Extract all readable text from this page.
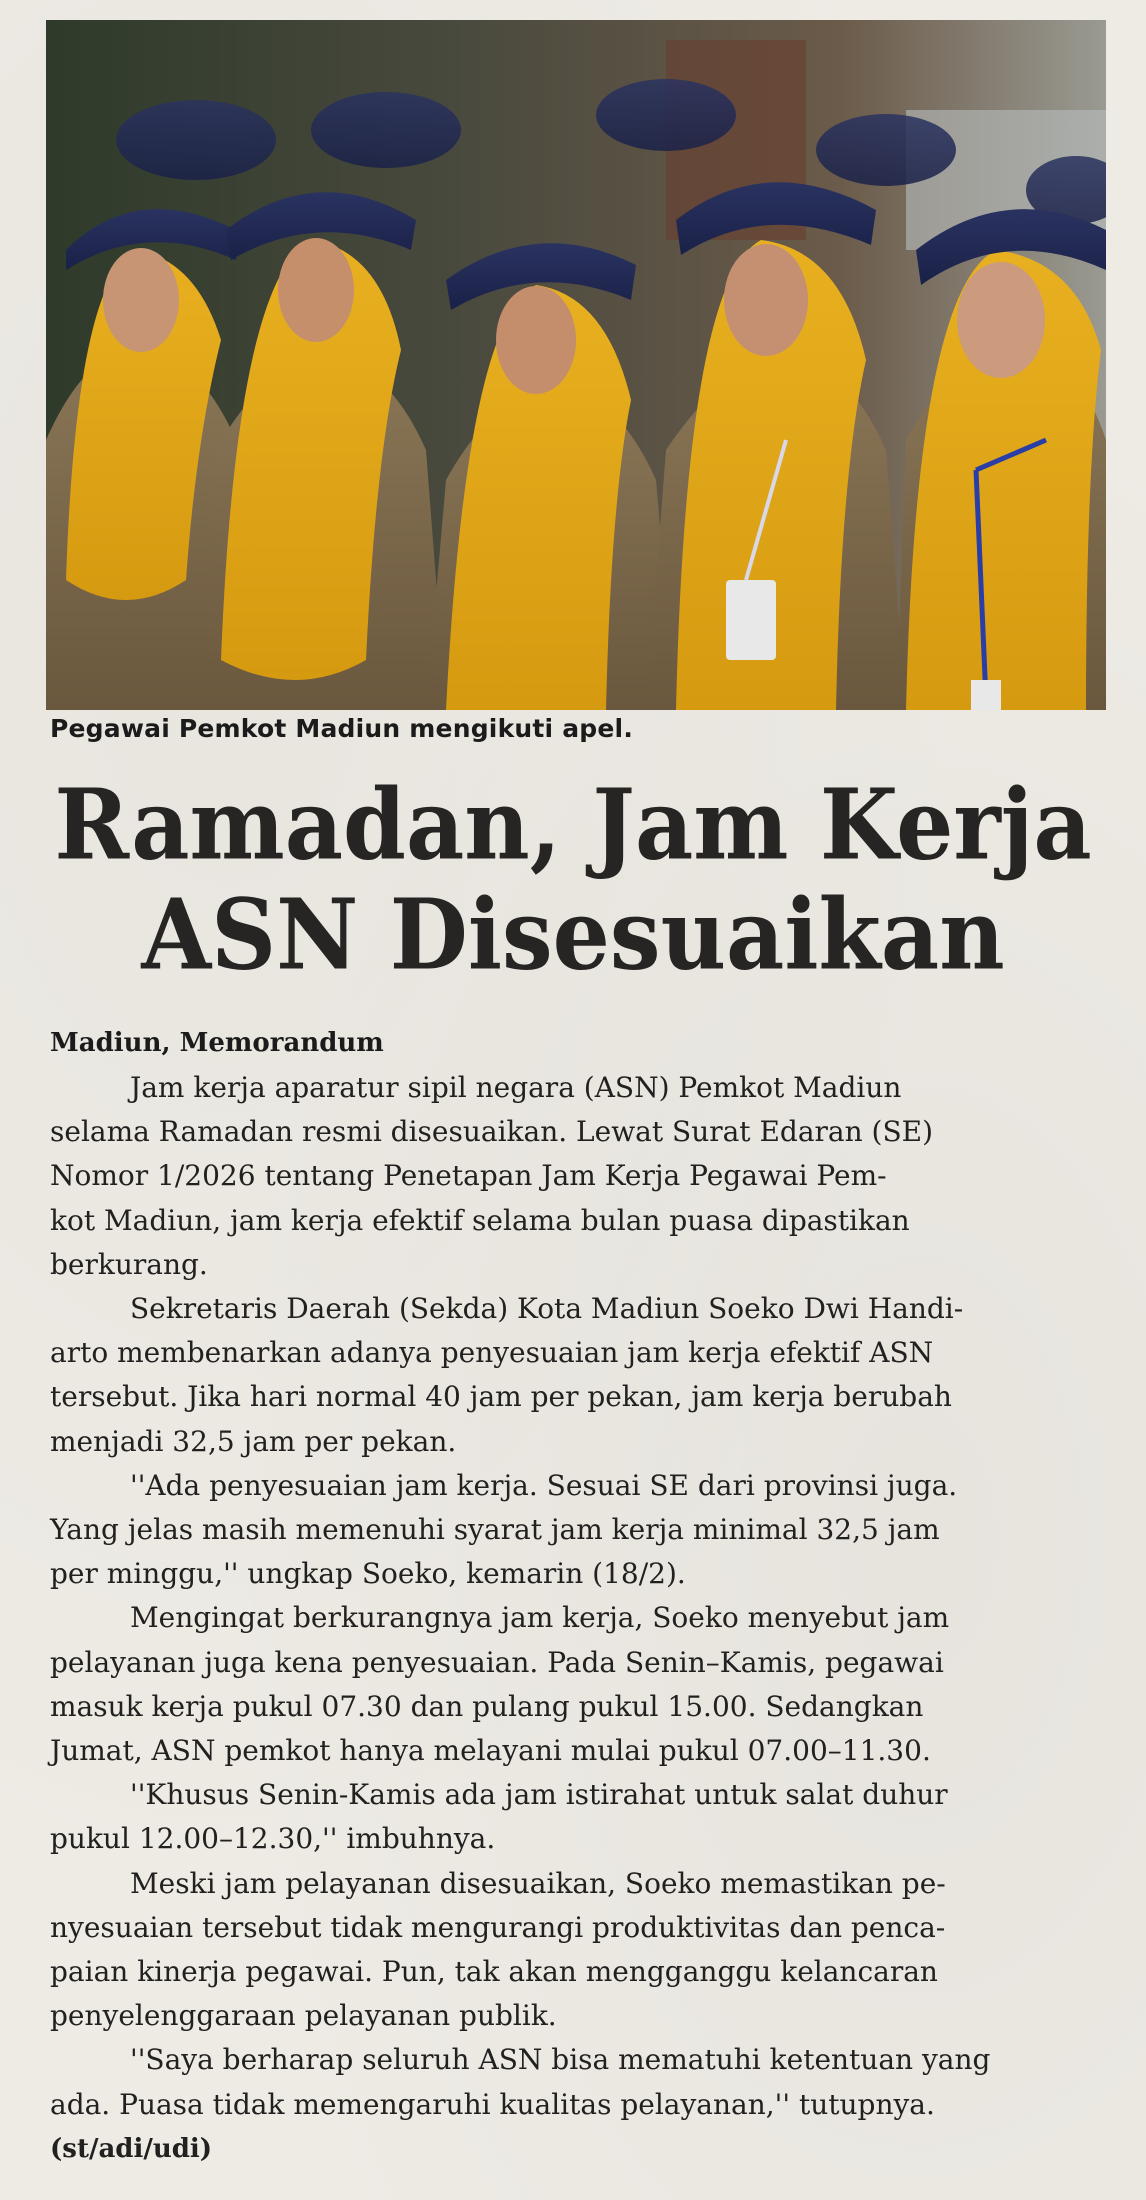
Pegawai Pemkot Madiun mengikuti apel.
Ramadan, Jam Kerja
ASN Disesuaikan
Madiun, Memorandum

Jam kerja aparatur sipil negara (ASN) Pemkot Madiun
selama Ramadan resmi disesuaikan. Lewat Surat Edaran (SE)
Nomor 1/2026 tentang Penetapan Jam Kerja Pegawai Pem-
kot Madiun, jam kerja efektif selama bulan puasa dipastikan
berkurang.

Sekretaris Daerah (Sekda) Kota Madiun Soeko Dwi Handi-
arto membenarkan adanya penyesuaian jam kerja efektif ASN
tersebut. Jika hari normal 40 jam per pekan, jam kerja berubah
menjadi 32,5 jam per pekan.

''Ada penyesuaian jam kerja. Sesuai SE dari provinsi juga.
Yang jelas masih memenuhi syarat jam kerja minimal 32,5 jam
per minggu,'' ungkap Soeko, kemarin (18/2).

Mengingat berkurangnya jam kerja, Soeko menyebut jam
pelayanan juga kena penyesuaian. Pada Senin–Kamis, pegawai
masuk kerja pukul 07.30 dan pulang pukul 15.00. Sedangkan
Jumat, ASN pemkot hanya melayani mulai pukul 07.00–11.30.

''Khusus Senin-Kamis ada jam istirahat untuk salat duhur
pukul 12.00–12.30,'' imbuhnya.

Meski jam pelayanan disesuaikan, Soeko memastikan pe-
nyesuaian tersebut tidak mengurangi produktivitas dan penca-
paian kinerja pegawai. Pun, tak akan mengganggu kelancaran
penyelenggaraan pelayanan publik.

''Saya berharap seluruh ASN bisa mematuhi ketentuan yang
ada. Puasa tidak memengaruhi kualitas pelayanan,'' tutupnya.

(st/adi/udi)
